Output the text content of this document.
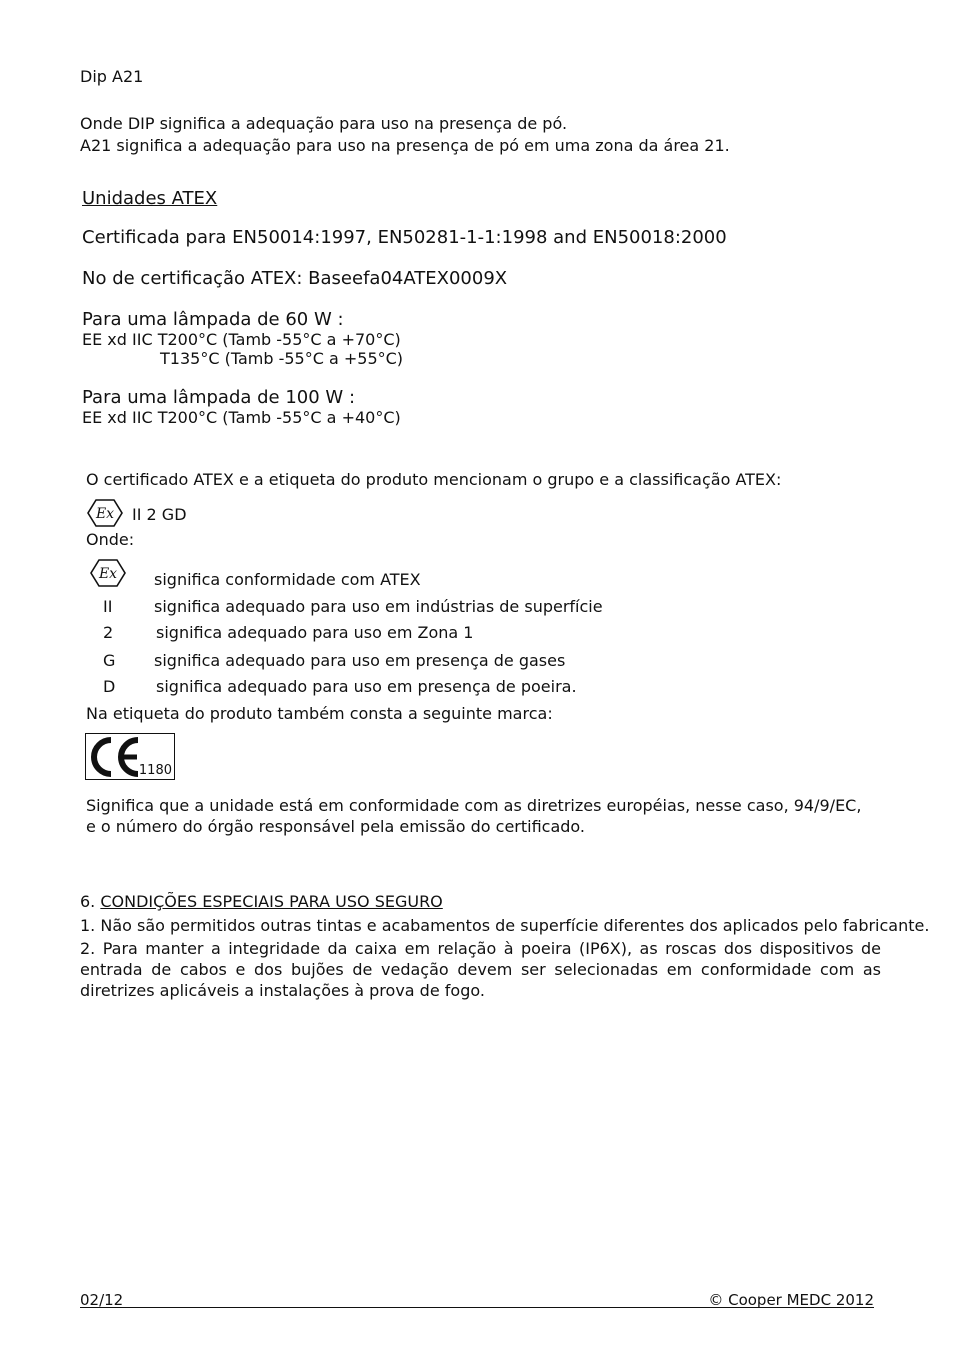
Dip A21
Onde DIP significa a adequação para uso na presença de pó.
A21 significa a adequação para uso na presença de pó em uma zona da área 21.
Unidades ATEX
Certificada para EN50014:1997, EN50281-1-1:1998 and EN50018:2000
No de certificação ATEX: Baseefa04ATEX0009X
Para uma lâmpada de 60 W :
EE xd IIC T200°C (Tamb -55°C a +70°C)
T135°C (Tamb -55°C a +55°C)
Para uma lâmpada de 100 W :
EE xd IIC T200°C (Tamb -55°C a +40°C)
O certificado ATEX e a etiqueta do produto mencionam o grupo e a classificação ATEX:
Ex II 2 GD
Onde:
Ex significa conformidade com ATEX
II	significa adequado para uso em indústrias de superfície
2	significa adequado para uso em Zona 1
G significa adequado para uso em presença de gases
D	significa adequado para uso em presença de poeira.
Na etiqueta do produto também consta a seguinte marca:
1180
Significa que a unidade está em conformidade com as diretrizes européias, nesse caso, 94/9/EC, e o número do órgão responsável pela emissão do certificado.
6. CONDIÇÕES ESPECIAIS PARA USO SEGURO
1. Não são permitidos outras tintas e acabamentos de superfície diferentes dos aplicados pelo fabricante.
2. Para manter a integridade da caixa em relação à poeira (IP6X), as roscas dos dispositivos de entrada de cabos e dos bujões de vedação devem ser selecionadas em conformidade com as diretrizes aplicáveis a instalações à prova de fogo.
02/12	© Cooper MEDC 2012
